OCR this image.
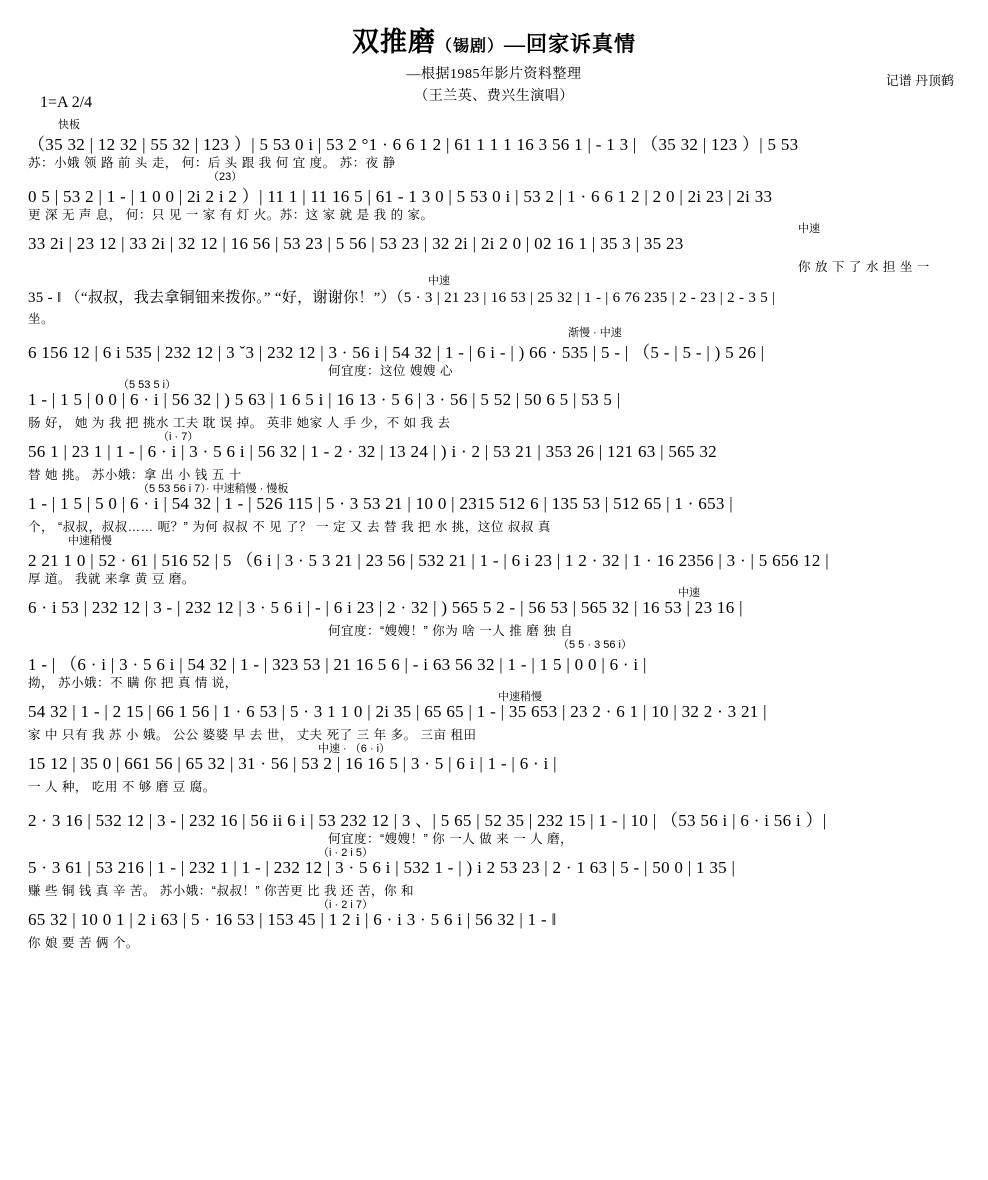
双推磨（锡剧）—回家诉真情
—根据1985年影片资料整理
（王兰英、费兴生演唱）
记谱 丹顶鹤
1=A 2/4
快板
（35 32 | 12 32 | 55 32 | 123 ）| 5 53 0 i | 53 2 °1 · 6 6 1 2 | 61 1 1 1 16 3 56 1 | - 1 3 | （35 32 | 123 ）| 5 53
苏：小娥 领 路 前 头 走， 何：后 头 跟 我 何 宜 度。 苏：夜 静
（23）
0 5 | 53 2 | 1 - | 1 0 0 | 2i 2 i 2 ）| 11 1 | 11 16 5 | 61 - 1 3 0 | 5 53 0 i | 53 2 | 1 · 6 6 1 2 | 2 0 | 2i 23 | 2i 33
更 深 无 声 息， 何：只 见 一 家 有 灯 火。苏：这 家 就 是 我 的 家。
中速
33 2i | 23 12 | 33 2i | 32 12 | 16 56 | 53 23 | 5 56 | 53 23 | 32 2i | 2i 2 0 | 02 16 1 | 35 3 | 35 23
你 放 下 了 水 担 坐 一
中速
35 - ‖ （“叔叔，我去拿铜钿来拨你。” “好，谢谢你！”）（5 · 3 | 21 23 | 16 53 | 25 32 | 1 - | 6 76 235 | 2 - 23 | 2 - 3 5 |
坐。
渐慢 · 中速
6 156 12 | 6 i 535 | 232 12 | 3 ˇ3 | 232 12 | 3 · 56 i | 54 32 | 1 - | 6 i - | ) 66 · 535 | 5 - | （5 - | 5 - | ) 5 26 |
何宜度：这位 嫂嫂 心
（5 53 5 i）
1 - | 1 5 | 0 0 | 6 · i | 56 32 | ) 5 63 | 1 6 5 i | 16 13 · 5 6 | 3 · 56 | 5 52 | 50 6 5 | 53 5 |
肠 好， 她 为 我 把 挑水 工夫 耽 误 掉。 英非 她家 人 手 少，不 如 我 去
（i · 7）
56 1 | 23 1 | 1 - | 6 · i | 3 · 5 6 i | 56 32 | 1 - 2 · 32 | 13 24 | ) i · 2 | 53 21 | 353 26 | 121 63 | 565 32
替 她 挑。 苏小娥：拿 出 小 钱 五 十
（5 53 56 i 7）· 中速稍慢 · 慢板
1 - | 1 5 | 5 0 | 6 · i | 54 32 | 1 - | 526 115 | 5 · 3 53 21 | 10 0 | 2315 512 6 | 135 53 | 512 65 | 1 · 653 |
个， “叔叔，叔叔…… 呃？” 为何 叔叔 不 见 了？ 一 定 又 去 替 我 把 水 挑，这位 叔叔 真
中速稍慢
2 21 1 0 | 52 · 61 | 516 52 | 5 （6 i | 3 · 5 3 21 | 23 56 | 532 21 | 1 - | 6 i 23 | 1 2 · 32 | 1 · 16 2356 | 3 · | 5 656 12 |
厚 道。 我就 来拿 黄 豆 磨。
中速
6 · i 53 | 232 12 | 3 - | 232 12 | 3 · 5 6 i | - | 6 i 23 | 2 · 32 | ) 565 5 2 - | 56 53 | 565 32 | 16 53 | 23 16 |
何宜度：“嫂嫂！” 你为 啥 一人 推 磨 独 自
（5 5 · 3 56 i）
1 - | （6 · i | 3 · 5 6 i | 54 32 | 1 - | 323 53 | 21 16 5 6 | - i 63 56 32 | 1 - | 1 5 | 0 0 | 6 · i |
拗， 苏小娥：不 瞒 你 把 真 情 说，
中速稍慢
54 32 | 1 - | 2 15 | 66 1 56 | 1 · 6 53 | 5 · 3 1 1 0 | 2i 35 | 65 65 | 1 - | 35 653 | 23 2 · 6 1 | 10 | 32 2 · 3 21 |
家 中 只有 我 苏 小 娥。 公公 婆婆 早 去 世， 丈夫 死了 三 年 多。 三亩 租田
中速 · （6 · i）
15 12 | 35 0 | 661 56 | 65 32 | 31 · 56 | 53 2 | 16 16 5 | 3 · 5 | 6 i | 1 - | 6 · i |
一 人 种， 吃用 不 够 磨 豆 腐。
2 · 3 16 | 532 12 | 3 - | 232 16 | 56 ii 6 i | 53 232 12 | 3 、| 5 65 | 52 35 | 232 15 | 1 - | 10 | （53 56 i | 6 · i 56 i ）|
何宜度：“嫂嫂！” 你 一人 做 来 一 人 磨，
（i · 2 i 5）
5 · 3 61 | 53 216 | 1 - | 232 1 | 1 - | 232 12 | 3 · 5 6 i | 532 1 - | ) i 2 53 23 | 2 · 1 63 | 5 - | 50 0 | 1 35 |
赚 些 铜 钱 真 辛 苦。 苏小娥：“叔叔！” 你苦更 比 我 还 苦，你 和
（i · 2 i 7）
65 32 | 10 0 1 | 2 i 63 | 5 · 16 53 | 153 45 | 1 2 i | 6 · i 3 · 5 6 i | 56 32 | 1 - ‖
你 娘 要 苦 俩 个。
